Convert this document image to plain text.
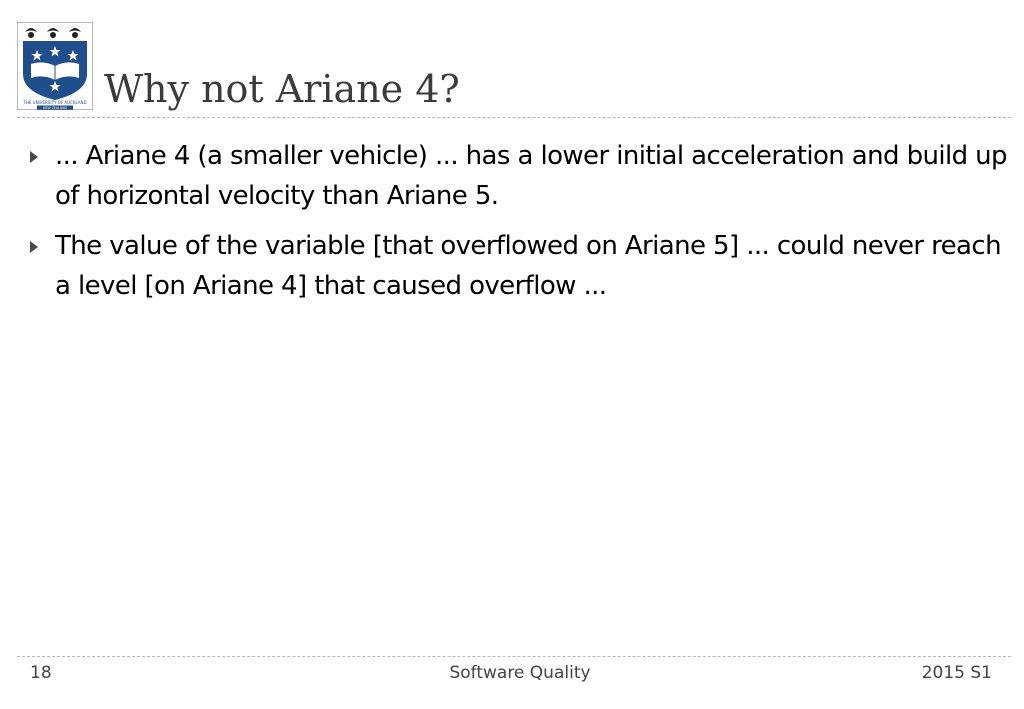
THE UNIVERSITY OF AUCKLAND
NEW ZEALAND Why not Ariane 4?
... Ariane 4 (a smaller vehicle) ... has a lower initial acceleration and build up of horizontal velocity than Ariane 5.
The value of the variable [that overflowed on Ariane 5] ... could never reach a level [on Ariane 4] that caused overflow ...
18	Software Quality	2015 S1
